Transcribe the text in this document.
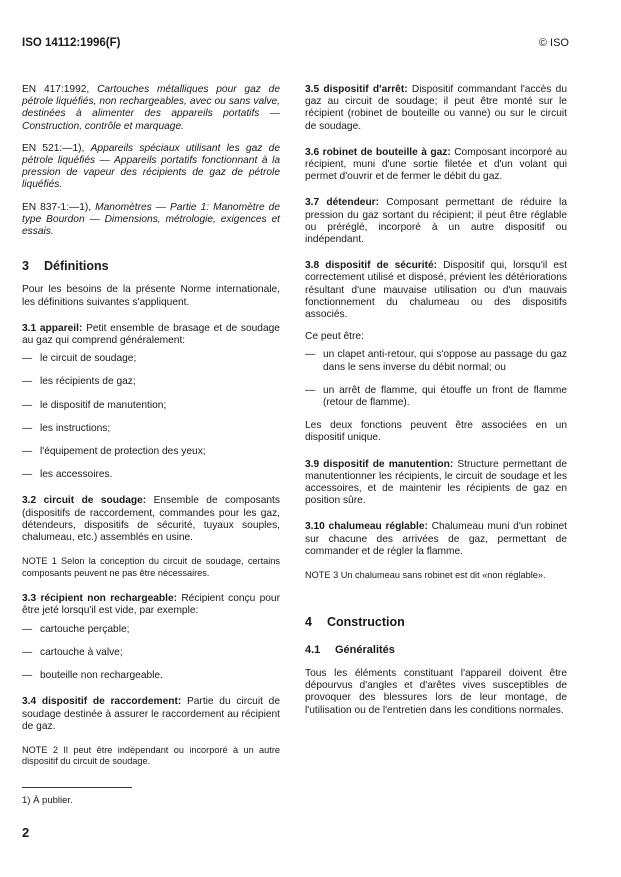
ISO 14112:1996(F)	© ISO

EN 417:1992, Cartouches métalliques pour gaz de pétrole liquéfiés, non rechargeables, avec ou sans valve, destinées à alimenter des appareils portatifs — Construction, contrôle et marquage.

EN 521:—1), Appareils spéciaux utilisant les gaz de pétrole liquéfiés — Appareils portatifs fonctionnant à la pression de vapeur des récipients de gaz de pétrole liquéfiés.

EN 837-1:—1), Manomètres — Partie 1: Manomètre de type Bourdon — Dimensions, métrologie, exigences et essais.

3 Définitions

Pour les besoins de la présente Norme internationale, les définitions suivantes s'appliquent.

3.1 appareil: Petit ensemble de brasage et de soudage au gaz qui comprend généralement:

— le circuit de soudage;
— les récipients de gaz;
— le dispositif de manutention;
— les instructions;
— l'équipement de protection des yeux;
— les accessoires.

3.2 circuit de soudage: Ensemble de composants (dispositifs de raccordement, commandes pour les gaz, détendeurs, dispositifs de sécurité, tuyaux souples, chalumeau, etc.) assemblés en usine.

NOTE 1 Selon la conception du circuit de soudage, certains composants peuvent ne pas être nécessaires.

3.3 récipient non rechargeable: Récipient conçu pour être jeté lorsqu'il est vide, par exemple:

— cartouche perçable;
— cartouche à valve;
— bouteille non rechargeable.

3.4 dispositif de raccordement: Partie du circuit de soudage destinée à assurer le raccordement au récipient de gaz.

NOTE 2 Il peut être indépendant ou incorporé à un autre dispositif du circuit de soudage.

3.5 dispositif d'arrêt: Dispositif commandant l'accès du gaz au circuit de soudage; il peut être monté sur le récipient (robinet de bouteille ou vanne) ou sur le circuit de soudage.

3.6 robinet de bouteille à gaz: Composant incorporé au récipient, muni d'une sortie filetée et d'un volant qui permet d'ouvrir et de fermer le débit du gaz.

3.7 détendeur: Composant permettant de réduire la pression du gaz sortant du récipient; il peut être réglable ou préréglé, incorporé à un autre dispositif ou indépendant.

3.8 dispositif de sécurité: Dispositif qui, lorsqu'il est correctement utilisé et disposé, prévient les détériorations résultant d'une mauvaise utilisation ou d'un mauvais fonctionnement du chalumeau ou des dispositifs associés.

Ce peut être:

— un clapet anti-retour, qui s'oppose au passage du gaz dans le sens inverse du débit normal; ou
— un arrêt de flamme, qui étouffe un front de flamme (retour de flamme).

Les deux fonctions peuvent être associées en un dispositif unique.

3.9 dispositif de manutention: Structure permettant de manutentionner les récipients, le circuit de soudage et les accessoires, et de maintenir les récipients de gaz en position sûre.

3.10 chalumeau réglable: Chalumeau muni d'un robinet sur chacune des arrivées de gaz, permettant de commander et de régler la flamme.

NOTE 3 Un chalumeau sans robinet est dit «non réglable».

4 Construction
4.1 Généralités

Tous les éléments constituant l'appareil doivent être dépourvus d'angles et d'arêtes vives susceptibles de provoquer des blessures lors de leur montage, de l'utilisation ou de l'entretien dans les conditions normales.

1) À publier.
2
